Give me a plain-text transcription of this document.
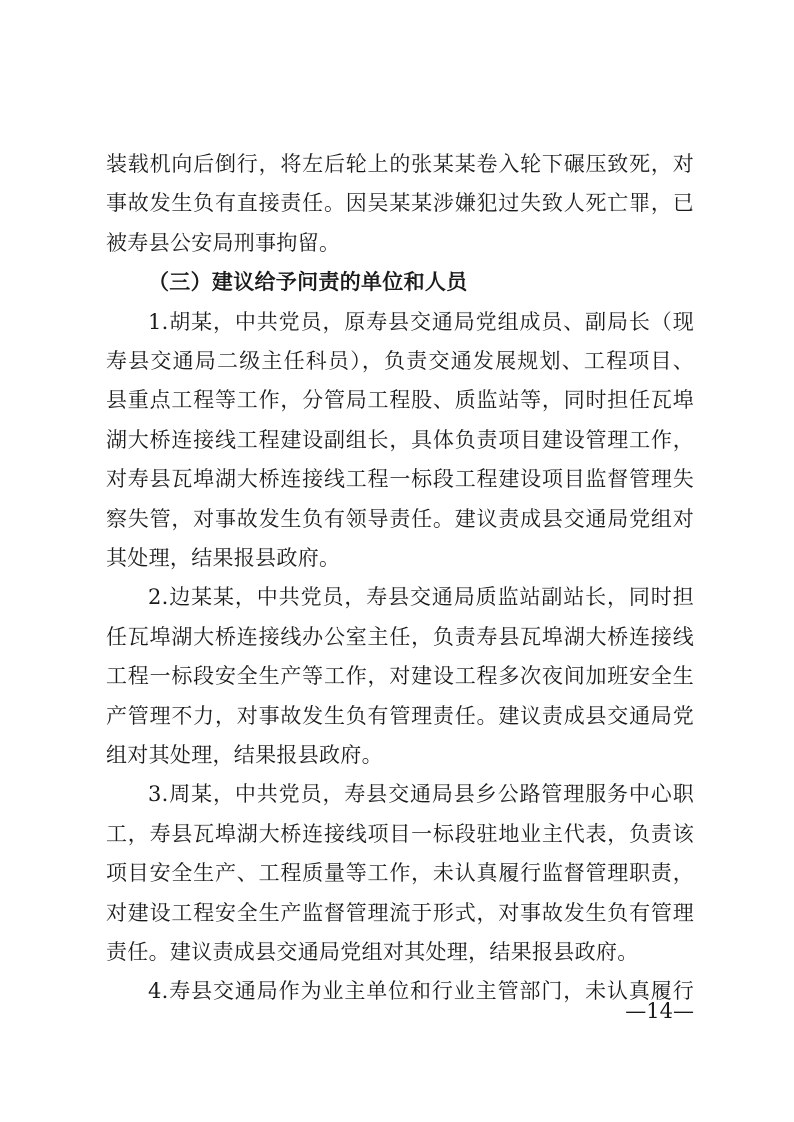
装载机向后倒行，将左后轮上的张某某卷入轮下碾压致死，对
事故发生负有直接责任。因吴某某涉嫌犯过失致人死亡罪，已
被寿县公安局刑事拘留。
（三）建议给予问责的单位和人员
1.胡某，中共党员，原寿县交通局党组成员、副局长（现
寿县交通局二级主任科员），负责交通发展规划、工程项目、
县重点工程等工作，分管局工程股、质监站等，同时担任瓦埠
湖大桥连接线工程建设副组长，具体负责项目建设管理工作，
对寿县瓦埠湖大桥连接线工程一标段工程建设项目监督管理失
察失管，对事故发生负有领导责任。建议责成县交通局党组对
其处理，结果报县政府。
2.边某某，中共党员，寿县交通局质监站副站长，同时担
任瓦埠湖大桥连接线办公室主任，负责寿县瓦埠湖大桥连接线
工程一标段安全生产等工作，对建设工程多次夜间加班安全生
产管理不力，对事故发生负有管理责任。建议责成县交通局党
组对其处理，结果报县政府。
3.周某，中共党员，寿县交通局县乡公路管理服务中心职
工，寿县瓦埠湖大桥连接线项目一标段驻地业主代表，负责该
项目安全生产、工程质量等工作，未认真履行监督管理职责，
对建设工程安全生产监督管理流于形式，对事故发生负有管理
责任。建议责成县交通局党组对其处理，结果报县政府。
4.寿县交通局作为业主单位和行业主管部门，未认真履行
—14—
